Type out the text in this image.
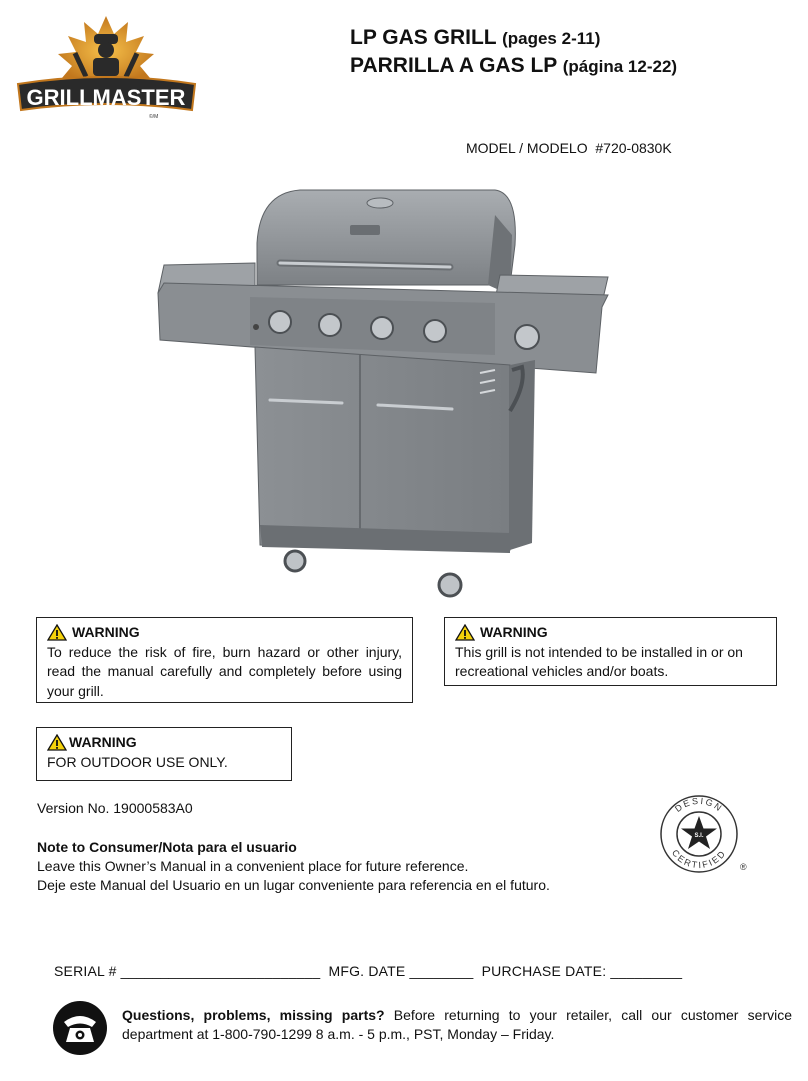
GRILLMASTER
©/M
LP GAS GRILL (pages 2-11)
PARRILLA A GAS LP (página 12-22)
MODEL / MODELO  #720-0830K
WARNING
To reduce the risk of fire, burn hazard or other injury, read the manual carefully and completely before using your grill.
WARNING
This grill is not intended to be installed in or on recreational vehicles and/or boats.
WARNING
FOR OUTDOOR USE ONLY.
Version No. 19000583A0	DESIGN
CERTIFIED
S.I.
®
Note to Consumer/Nota para el usuario
Leave this Owner’s Manual in a convenient place for future reference.
Deje este Manual del Usuario en un lugar conveniente para referencia en el futuro.
SERIAL # _________________________  MFG. DATE ________  PURCHASE DATE: _________
Questions, problems, missing parts? Before returning to your retailer, call our customer service department at 1-800-790-1299 8 a.m. - 5 p.m., PST, Monday – Friday.
